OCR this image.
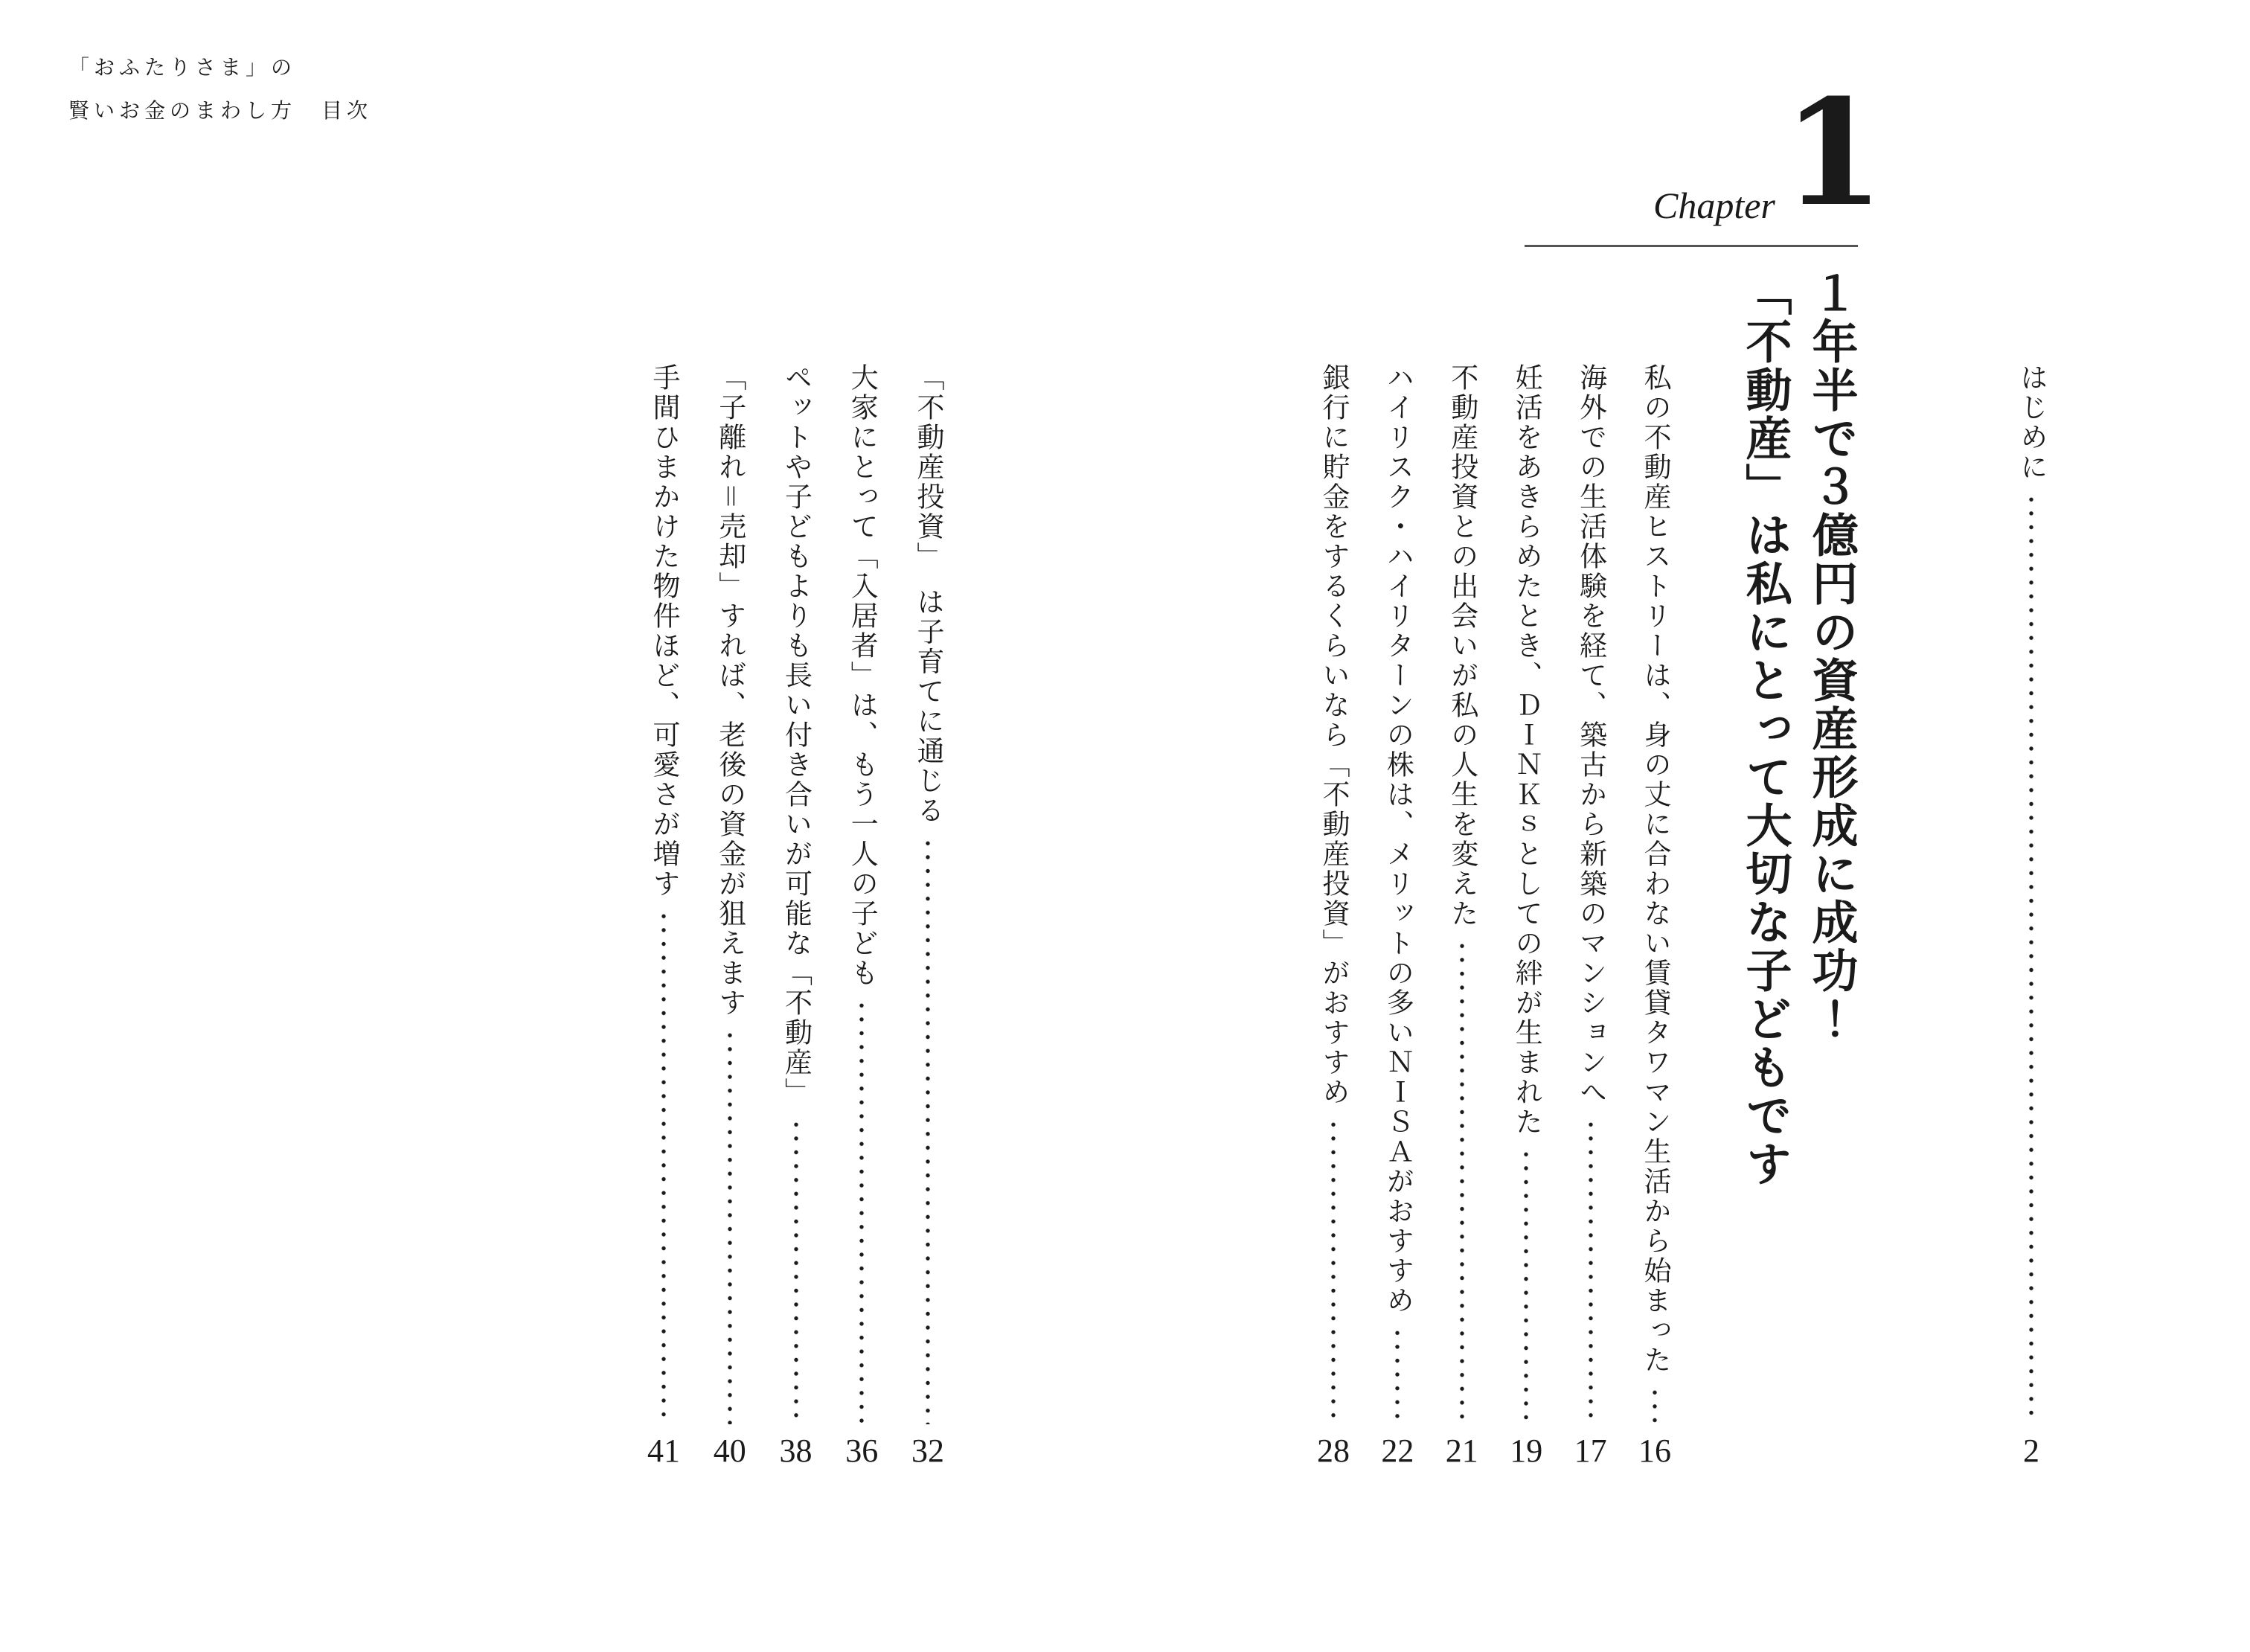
「おふたりさま」の
賢いお金のまわし方　目次
Chapter 1
１年半で３億円の資産形成に成功！
「不動産」は私にとって大切な子どもです	はじめに
2
私の不動産ヒストリーは、身の丈に合わない賃貸タワマン生活から始まった
16
海外での生活体験を経て、築古から新築のマンションへ
17
妊活をあきらめたとき、ＤＩＮＫｓとしての絆が生まれた
19
不動産投資との出会いが私の人生を変えた
21
ハイリスク・ハイリターンの株は、メリットの多いＮＩＳＡがおすすめ
22
銀行に貯金をするくらいなら「不動産投資」がおすすめ
28
「不動産投資」　は子育てに通じる
32
大家にとって「入居者」は、もう一人の子ども
36
ペットや子どもよりも長い付き合いが可能な「不動産」
38
「子離れ＝売却」すれば、老後の資金が狙えます
40
手間ひまかけた物件ほど、可愛さが増す
41
